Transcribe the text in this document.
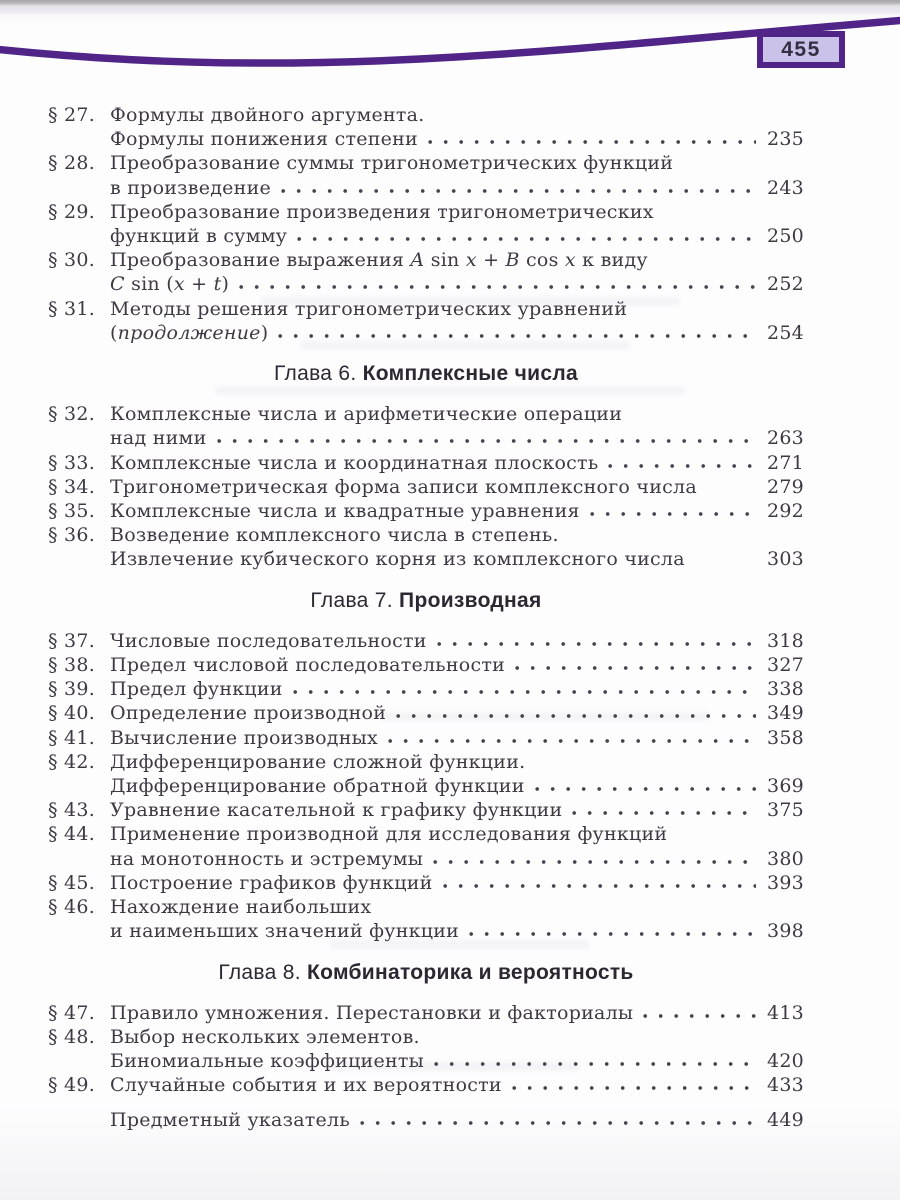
455
§ 27. Формулы двойного аргумента.
Формулы понижения степени	235
§ 28. Преобразование суммы тригонометрических функций
в произведение	243
§ 29. Преобразование произведения тригонометрических
функций в сумму	250
§ 30. Преобразование выражения A sin x + B cos x к виду
C sin (x + t)	252
§ 31. Методы решения тригонометрических уравнений
(продолжение)	254
Глава 6. Комплексные числа
§ 32. Комплексные числа и арифметические операции
над ними	263
§ 33. Комплексные числа и координатная плоскость	271
§ 34. Тригонометрическая форма записи комплексного числа	279
§ 35. Комплексные числа и квадратные уравнения	292
§ 36. Возведение комплексного числа в степень.
Извлечение кубического корня из комплексного числа	303
Глава 7. Производная
§ 37. Числовые последовательности	318
§ 38. Предел числовой последовательности	327
§ 39. Предел функции	338
§ 40. Определение производной	349
§ 41. Вычисление производных	358
§ 42. Дифференцирование сложной функции.
Дифференцирование обратной функции	369
§ 43. Уравнение касательной к графику функции	375
§ 44. Применение производной для исследования функций
на монотонность и эстремумы	380
§ 45. Построение графиков функций	393
§ 46. Нахождение наибольших
и наименьших значений функции	398
Глава 8. Комбинаторика и вероятность
§ 47. Правило умножения. Перестановки и факториалы	413
§ 48. Выбор нескольких элементов.
Биномиальные коэффициенты	420
§ 49. Случайные события и их вероятности	433
Предметный указатель	449
